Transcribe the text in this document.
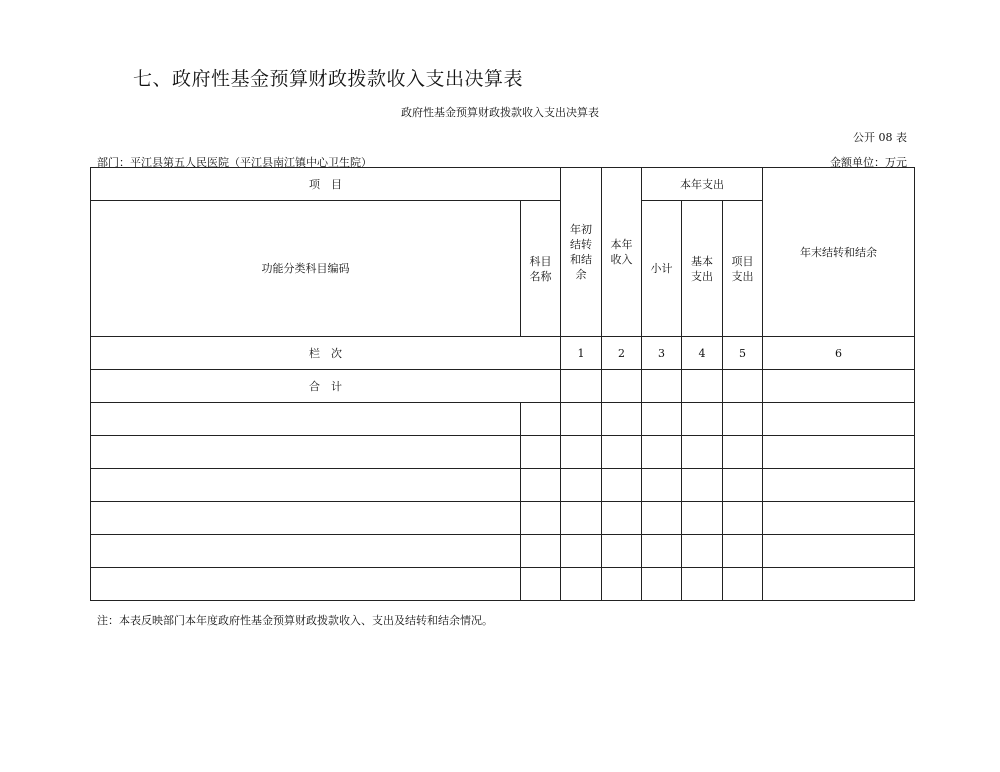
七、政府性基金预算财政拨款收入支出决算表
政府性基金预算财政拨款收入支出决算表
公开 08 表
部门：平江县第五人民医院（平江县南江镇中心卫生院）	金额单位：万元
项　目		年初结转和结余	本年收入	本年支出			年末结转和结余
功能分类科目编码	科目名称			小计	基本支出	项目支出	
栏　次		1	2	3	4	5	6
合　计							

注：本表反映部门本年度政府性基金预算财政拨款收入、支出及结转和结余情况。
